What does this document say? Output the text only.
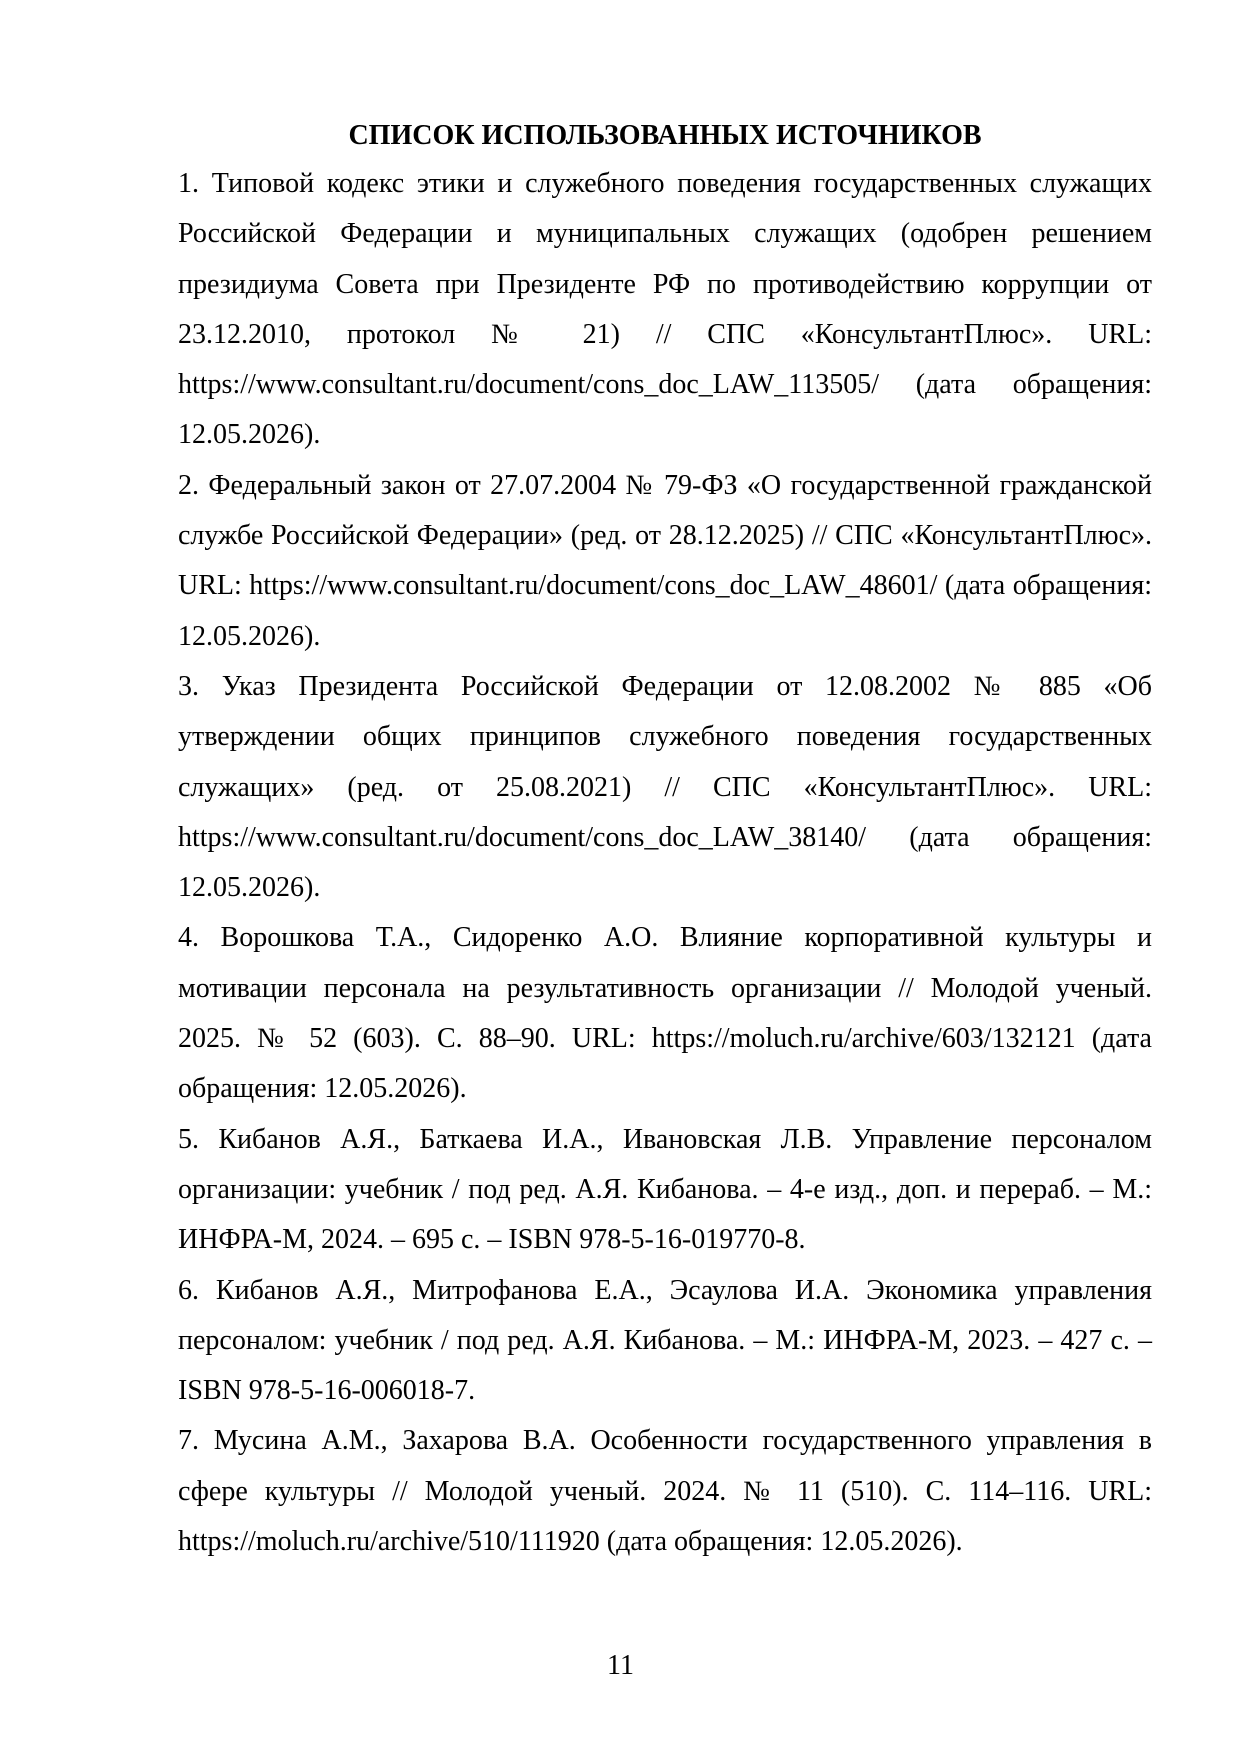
СПИСОК ИСПОЛЬЗОВАННЫХ ИСТОЧНИКОВ
1. Типовой кодекс этики и служебного поведения государственных служащих Российской Федерации и муниципальных служащих (одобрен решением президиума Совета при Президенте РФ по противодействию коррупции от 23.12.2010, протокол № 21) // СПС «КонсультантПлюс». URL: https://www.consultant.ru/document/cons_doc_LAW_113505/ (дата обращения: 12.05.2026).
2. Федеральный закон от 27.07.2004 № 79-ФЗ «О государственной гражданской службе Российской Федерации» (ред. от 28.12.2025) // СПС «КонсультантПлюс». URL: https://www.consultant.ru/document/cons_doc_LAW_48601/ (дата обращения: 12.05.2026).
3. Указ Президента Российской Федерации от 12.08.2002 № 885 «Об утверждении общих принципов служебного поведения государственных служащих» (ред. от 25.08.2021) // СПС «КонсультантПлюс». URL: https://www.consultant.ru/document/cons_doc_LAW_38140/ (дата обращения: 12.05.2026).
4. Ворошкова Т.А., Сидоренко А.О. Влияние корпоративной культуры и мотивации персонала на результативность организации // Молодой ученый. 2025. № 52 (603). С. 88–90. URL: https://moluch.ru/archive/603/132121 (дата обращения: 12.05.2026).
5. Кибанов А.Я., Баткаева И.А., Ивановская Л.В. Управление персоналом организации: учебник / под ред. А.Я. Кибанова. – 4-е изд., доп. и перераб. – М.: ИНФРА-М, 2024. – 695 с. – ISBN 978-5-16-019770-8.
6. Кибанов А.Я., Митрофанова Е.А., Эсаулова И.А. Экономика управления персоналом: учебник / под ред. А.Я. Кибанова. – М.: ИНФРА-М, 2023. – 427 с. – ISBN 978-5-16-006018-7.
7. Мусина А.М., Захарова В.А. Особенности государственного управления в сфере культуры // Молодой ученый. 2024. № 11 (510). С. 114–116. URL: https://moluch.ru/archive/510/111920 (дата обращения: 12.05.2026).
11
